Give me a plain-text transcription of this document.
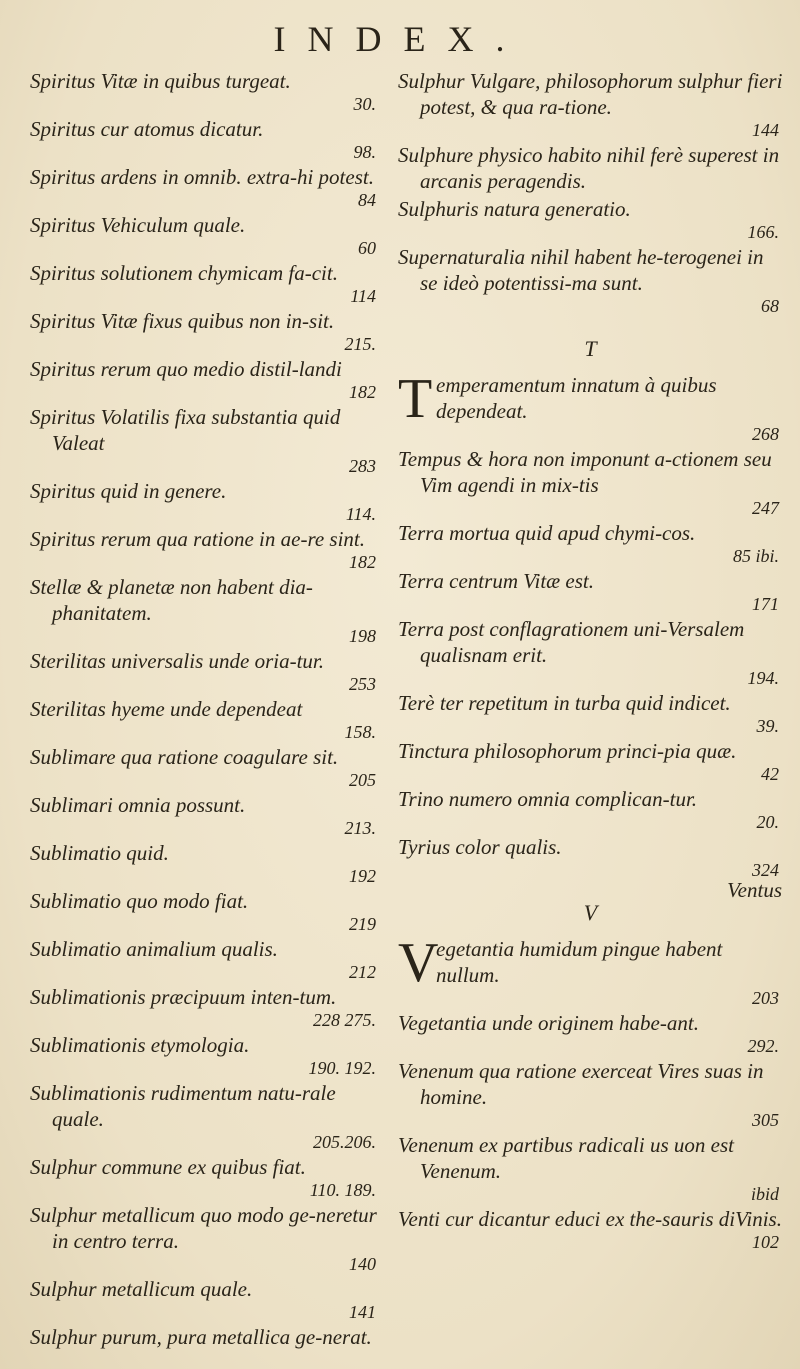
INDEX.
Spiritus Vitæ in quibus turgeat.
30.
Spiritus cur atomus dicatur.
98.
Spiritus ardens in omnib. extra-hi potest.
84
Spiritus Vehiculum quale.
60
Spiritus solutionem chymicam fa-cit.
114
Spiritus Vitæ fixus quibus non in-sit.
215.
Spiritus rerum quo medio distil-landi
182
Spiritus Volatilis fixa substantia quid Valeat
283
Spiritus quid in genere.
114.
Spiritus rerum qua ratione in ae-re sint.
182
Stellæ & planetæ non habent dia-phanitatem.
198
Sterilitas universalis unde oria-tur.
253
Sterilitas hyeme unde dependeat
158.
Sublimare qua ratione coagulare sit.
205
Sublimari omnia possunt.
213.
Sublimatio quid.
192
Sublimatio quo modo fiat.
219
Sublimatio animalium qualis.
212
Sublimationis præcipuum inten-tum.
228 275.
Sublimationis etymologia.
190. 192.
Sublimationis rudimentum natu-rale quale.
205.206.
Sulphur commune ex quibus fiat.
110. 189.
Sulphur metallicum quo modo ge-neretur in centro terra.
140
Sulphur metallicum quale.
141
Sulphur purum, pura metallica ge-nerat.
Sulphur Vulgare, philosophorum sulphur fieri potest, & qua ra-tione.
144
Sulphure physico habito nihil ferè superest in arcanis peragendis.
Sulphuris natura generatio.
166.
Supernaturalia nihil habent he-terogenei in se ideò potentissi-ma sunt.
68
T
T emperamentum innatum à quibus dependeat.
268
Tempus & hora non imponunt a-ctionem seu Vim agendi in mix-tis
247
Terra mortua quid apud chymi-cos.
85 ibi.
Terra centrum Vitæ est.
171
Terra post conflagrationem uni-Versalem qualisnam erit.
194.
Terè ter repetitum in turba quid indicet.
39.
Tinctura philosophorum princi-pia quæ.
42
Trino numero omnia complican-tur.
20.
Tyrius color qualis.
324
V
V
egetantia humidum pingue habent nullum.
203
Vegetantia unde originem habe-ant.
292.
Venenum qua ratione exerceat Vires suas in homine.
305
Venenum ex partibus radicali us uon est Venenum.
ibid
Venti cur dicantur educi ex the-sauris diVinis.
102
Ventus
